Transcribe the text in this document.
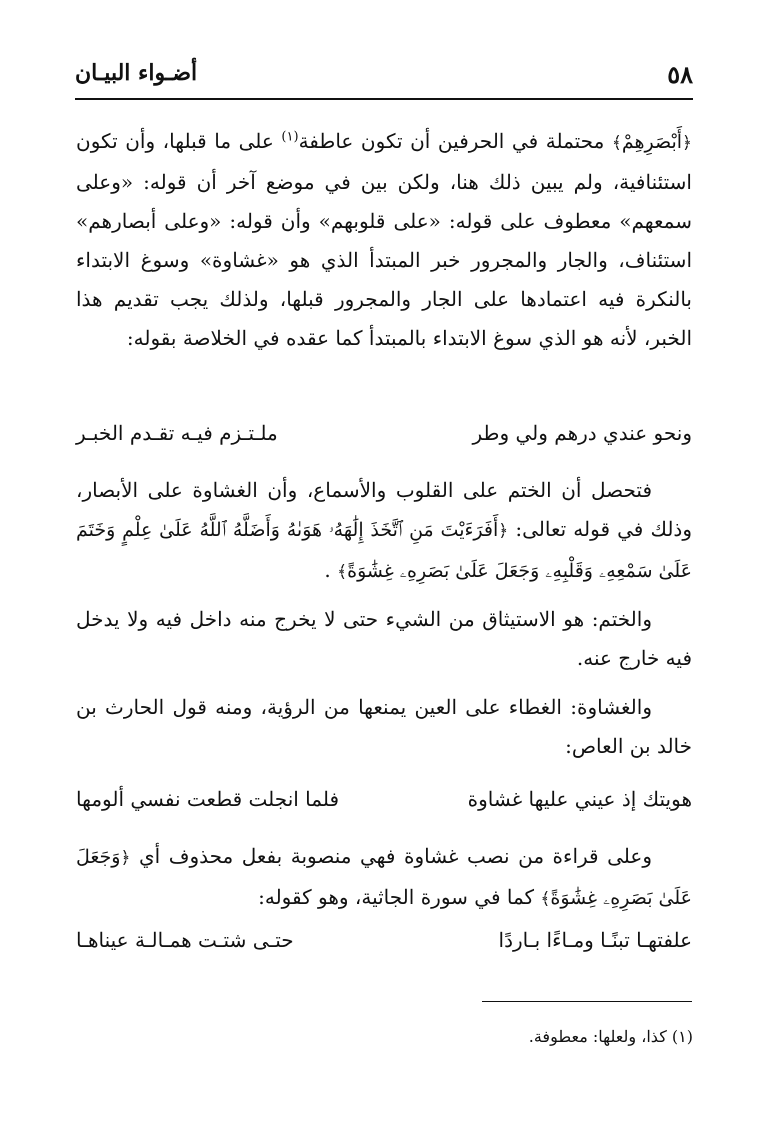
٥٨
أضـواء البيـان

﴿أَبْصَرِهِمْ﴾ محتملة في الحرفين أن تكون عاطفة$^{(١)}$ على ما قبلها، وأن تكون استئنافية، ولم يبين ذلك هنا، ولكن بين في موضع آخر أن قوله: «وعلى سمعهم» معطوف على قوله: «على قلوبهم» وأن قوله: «وعلى أبصارهم» استئناف، والجار والمجرور خبر المبتدأ الذي هو «غشاوة» وسوغ الابتداء بالنكرة فيه اعتمادها على الجار والمجرور قبلها، ولذلك يجب تقديم هذا الخبر، لأنه هو الذي سوغ الابتداء بالمبتدأ كما عقده في الخلاصة بقوله:

ونحو عندي درهم ولي وطر
ملـتـزم فيـه تقـدم الخبـر

فتحصل أن الختم على القلوب والأسماع، وأن الغشاوة على الأبصار، وذلك في قوله تعالى: ﴿أَفَرَءَيْتَ مَنِ ٱتَّخَذَ إِلَٰهَهُۥ هَوَىٰهُ وَأَضَلَّهُ ٱللَّهُ عَلَىٰ عِلْمٍ وَخَتَمَ عَلَىٰ سَمْعِهِۦ وَقَلْبِهِۦ وَجَعَلَ عَلَىٰ بَصَرِهِۦ غِشَٰوَةً﴾ .

والختم: هو الاستيثاق من الشيء حتى لا يخرج منه داخل فيه ولا يدخل فيه خارج عنه.

والغشاوة: الغطاء على العين يمنعها من الرؤية، ومنه قول الحارث بن خالد بن العاص:

هويتك إذ عيني عليها غشاوة
فلما انجلت قطعت نفسي ألومها

وعلى قراءة من نصب غشاوة فهي منصوبة بفعل محذوف أي ﴿وَجَعَلَ عَلَىٰ بَصَرِهِۦ غِشَٰوَةً﴾ كما في سورة الجاثية، وهو كقوله:

علفتهـا تبنًـا ومـاءًا بـاردًا
حتـى شتـت همـالـة عيناهـا
(١) كذا، ولعلها: معطوفة.
